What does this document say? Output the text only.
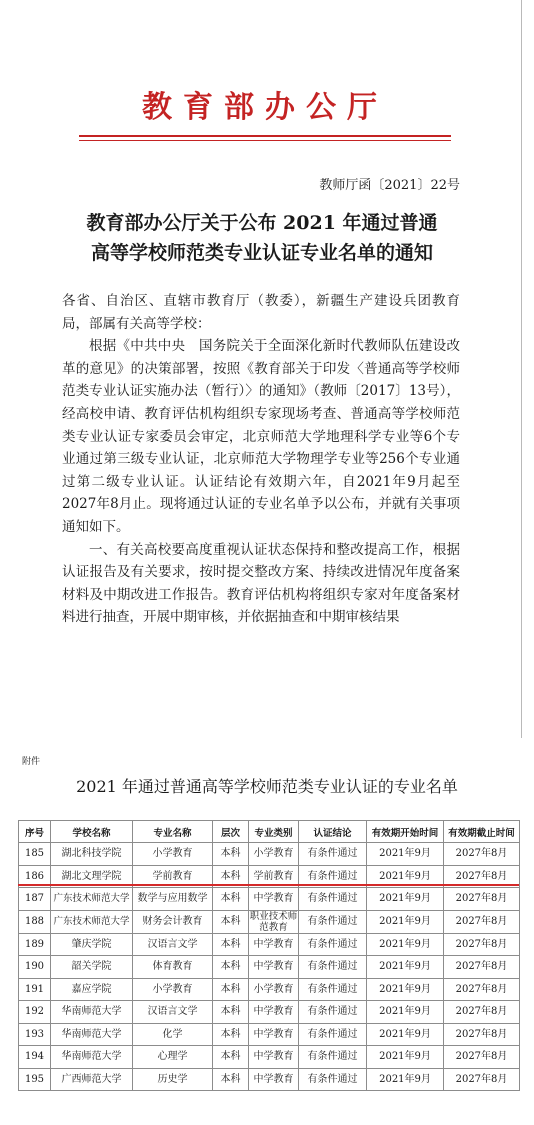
教育部办公厅
教师厅函〔2021〕22号
教育部办公厅关于公布 2021 年通过普通
高等学校师范类专业认证专业名单的通知

各省、自治区、直辖市教育厅（教委），新疆生产建设兵团教育局，部属有关高等学校：

根据《中共中央　国务院关于全面深化新时代教师队伍建设改革的意见》的决策部署，按照《教育部关于印发〈普通高等学校师范类专业认证实施办法（暂行）〉的通知》（教师〔2017〕13号），经高校申请、教育评估机构组织专家现场考查、普通高等学校师范类专业认证专家委员会审定，北京师范大学地理科学专业等6个专业通过第三级专业认证，北京师范大学物理学专业等256个专业通过第二级专业认证。认证结论有效期六年，自2021年9月起至2027年8月止。现将通过认证的专业名单予以公布，并就有关事项通知如下。

一、有关高校要高度重视认证状态保持和整改提高工作，根据认证报告及有关要求，按时提交整改方案、持续改进情况年度备案材料及中期改进工作报告。教育评估机构将组织专家对年度备案材料进行抽查，开展中期审核，并依据抽查和中期审核结果

附件
2021 年通过普通高等学校师范类专业认证的专业名单
序号	学校名称	专业名称	层次	专业类别	认证结论	有效期开始时间	有效期截止时间
185	湖北科技学院	小学教育	本科	小学教育	有条件通过	2021年9月	2027年8月
186	湖北文理学院	学前教育	本科	学前教育	有条件通过	2021年9月	2027年8月
187	广东技术师范大学	数学与应用数学	本科	中学教育	有条件通过	2021年9月	2027年8月
188	广东技术师范大学	财务会计教育	本科	职业技术师范教育	有条件通过	2021年9月	2027年8月
189	肇庆学院	汉语言文学	本科	中学教育	有条件通过	2021年9月	2027年8月
190	韶关学院	体育教育	本科	中学教育	有条件通过	2021年9月	2027年8月
191	嘉应学院	小学教育	本科	小学教育	有条件通过	2021年9月	2027年8月
192	华南师范大学	汉语言文学	本科	中学教育	有条件通过	2021年9月	2027年8月
193	华南师范大学	化学	本科	中学教育	有条件通过	2021年9月	2027年8月
194	华南师范大学	心理学	本科	中学教育	有条件通过	2021年9月	2027年8月
195	广西师范大学	历史学	本科	中学教育	有条件通过	2021年9月	2027年8月
